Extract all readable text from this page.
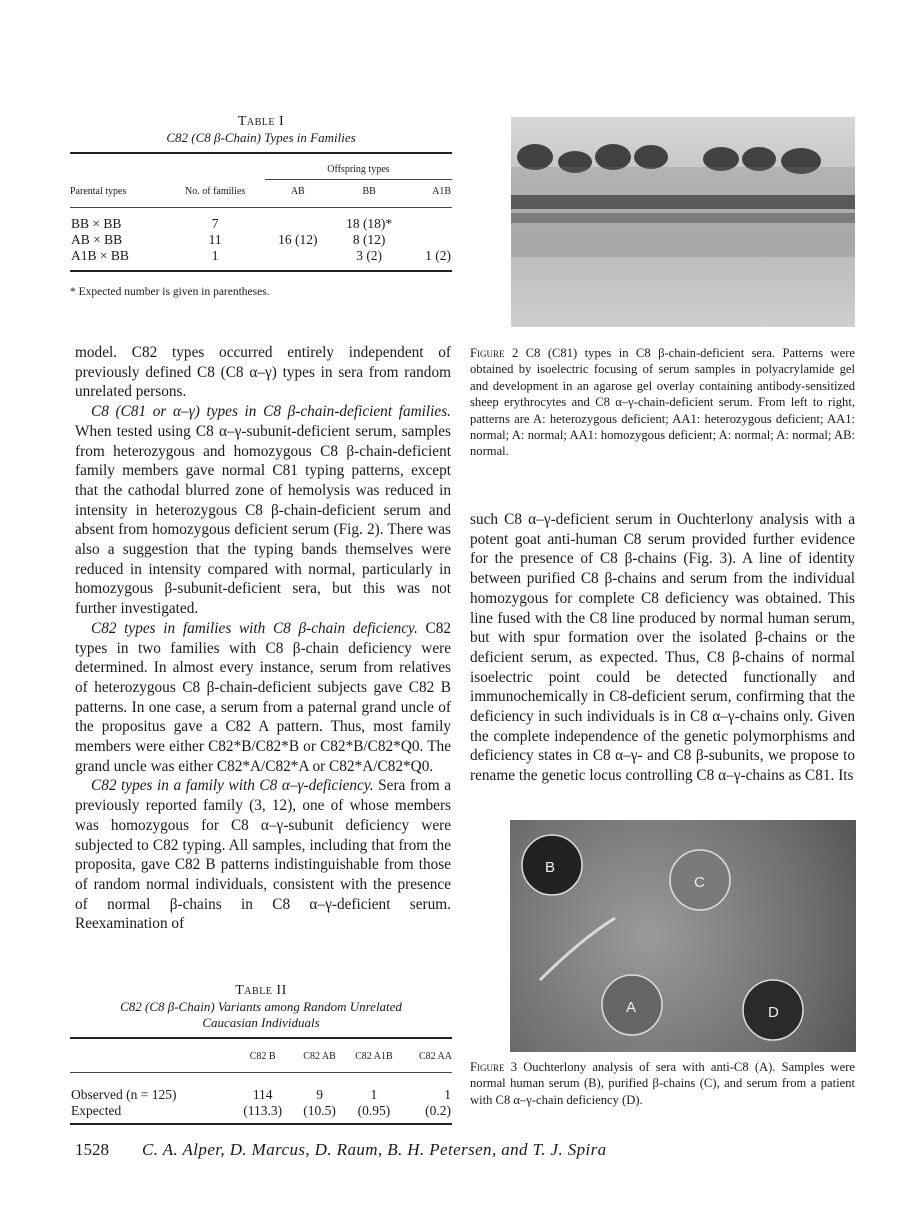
Table I
C82 (C8 β-Chain) Types in Families
		Offspring types		
Parental types	No. of families	AB	BB	A1B
BB × BB	7		18 (18)*	
AB × BB	11	16 (12)	8 (12)	
A1B × BB	1		3 (2)	1 (2)
* Expected number is given in parentheses.

model. C82 types occurred entirely independent of previously defined C8 (C8 α–γ) types in sera from random unrelated persons.

C8 (C81 or α–γ) types in C8 β-chain-deficient families. When tested using C8 α–γ-subunit-deficient serum, samples from heterozygous and homozygous C8 β-chain-deficient family members gave normal C81 typing patterns, except that the cathodal blurred zone of hemolysis was reduced in intensity in heterozygous C8 β-chain-deficient serum and absent from homozygous deficient serum (Fig. 2). There was also a suggestion that the typing bands themselves were reduced in intensity compared with normal, particularly in homozygous β-subunit-deficient sera, but this was not further investigated.

C82 types in families with C8 β-chain deficiency. C82 types in two families with C8 β-chain deficiency were determined. In almost every instance, serum from relatives of heterozygous C8 β-chain-deficient subjects gave C82 B patterns. In one case, a serum from a paternal grand uncle of the propositus gave a C82 A pattern. Thus, most family members were either C82*B/C82*B or C82*B/C82*Q0. The grand uncle was either C82*A/C82*A or C82*A/C82*Q0.

C82 types in a family with C8 α–γ-deficiency. Sera from a previously reported family (3, 12), one of whose members was homozygous for C8 α–γ-subunit deficiency were subjected to C82 typing. All samples, including that from the proposita, gave C82 B patterns indistinguishable from those of random normal individuals, consistent with the presence of normal β-chains in C8 α–γ-deficient serum. Reexamination of

Table II
C82 (C8 β-Chain) Variants among Random Unrelated Caucasian Individuals
	C82 B	C82 AB	C82 A1B	C82 AA
Observed (n = 125)	114	9	1	1
Expected	(113.3)	(10.5)	(0.95)	(0.2)
Figure 2 C8 (C81) types in C8 β-chain-deficient sera. Patterns were obtained by isoelectric focusing of serum samples in polyacrylamide gel and development in an agarose gel overlay containing antibody-sensitized sheep erythrocytes and C8 α–γ-chain-deficient serum. From left to right, patterns are A: heterozygous deficient; AA1: heterozygous deficient; AA1: normal; A: normal; AA1: homozygous deficient; A: normal; A: normal; AB: normal.

such C8 α–γ-deficient serum in Ouchterlony analysis with a potent goat anti-human C8 serum provided further evidence for the presence of C8 β-chains (Fig. 3). A line of identity between purified C8 β-chains and serum from the individual homozygous for complete C8 deficiency was obtained. This line fused with the C8 line produced by normal human serum, but with spur formation over the isolated β-chains or the deficient serum, as expected. Thus, C8 β-chains of normal isoelectric point could be detected functionally and immunochemically in C8-deficient serum, confirming that the deficiency in such individuals is in C8 α–γ-chains only. Given the complete independence of the genetic polymorphisms and deficiency states in C8 α–γ- and C8 β-subunits, we propose to rename the genetic locus controlling C8 α–γ-chains as C81. Its

B
C
A	D
Figure 3 Ouchterlony analysis of sera with anti-C8 (A). Samples were normal human serum (B), purified β-chains (C), and serum from a patient with C8 α–γ-chain deficiency (D).
1528 C. A. Alper, D. Marcus, D. Raum, B. H. Petersen, and T. J. Spira
